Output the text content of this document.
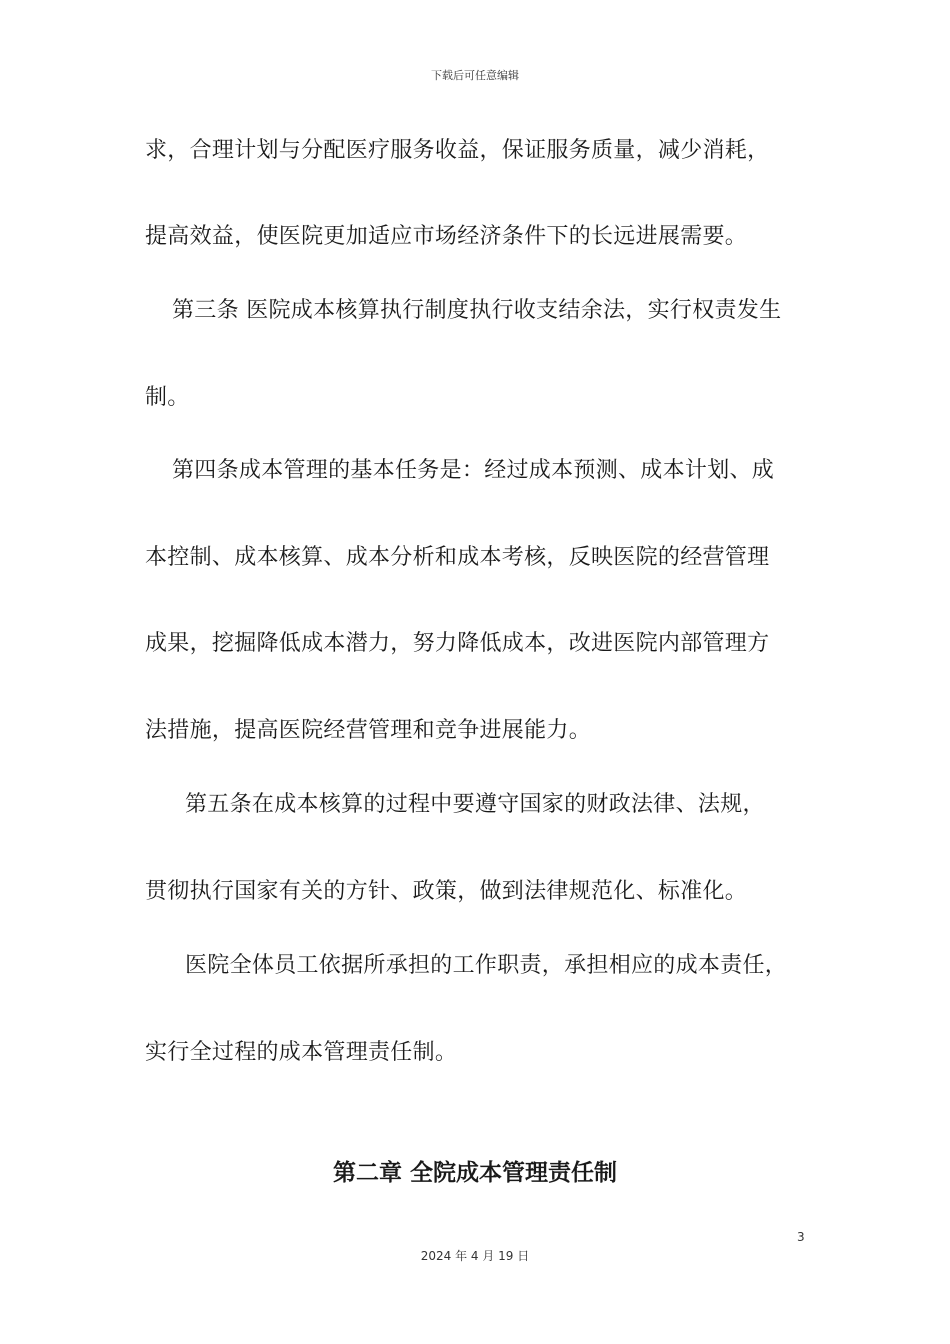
下载后可任意编辑
求，合理计划与分配医疗服务收益，保证服务质量，减少消耗，
提高效益，使医院更加适应市场经济条件下的长远进展需要。
第三条 医院成本核算执行制度执行收支结余法，实行权责发生
制。
第四条成本管理的基本任务是：经过成本预测、成本计划、成
本控制、成本核算、成本分析和成本考核，反映医院的经营管理
成果，挖掘降低成本潜力，努力降低成本，改进医院内部管理方
法措施，提高医院经营管理和竞争进展能力。
第五条在成本核算的过程中要遵守国家的财政法律、法规，
贯彻执行国家有关的方针、政策，做到法律规范化、标准化。
医院全体员工依据所承担的工作职责，承担相应的成本责任，
实行全过程的成本管理责任制。
第二章 全院成本管理责任制
3
2024 年 4 月 19 日
